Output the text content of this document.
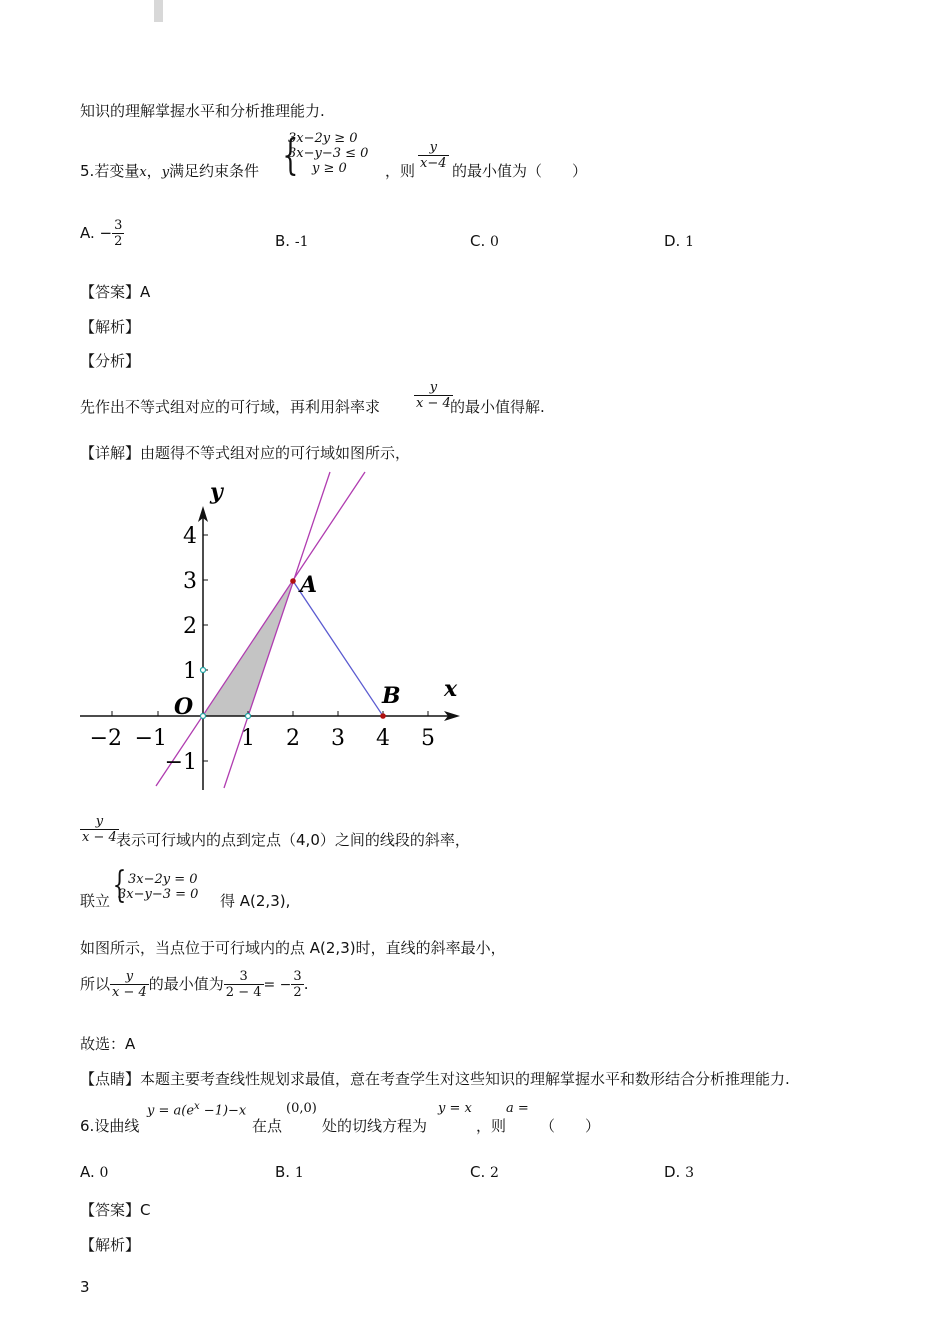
知识的理解掌握水平和分析推理能力.
5.若变量x，y满足约束条件 {
3x−2y ≥ 0
3x−y−3 ≤ 0
y ≥ 0	，则 $\frac{y}{x-4}$ 的最小值为（　　）
A. − $\frac{3}{2}$	B. -1	C. 0	D. 1
【答案】A
【解析】
【分析】
先作出不等式组对应的可行域，再利用斜率求	$\frac{y}{x - 4}$
的最小值得解.
【详解】由题得不等式组对应的可行域如图所示，
−2 −1	1 2 3 4 5
4
3
2
1
−1
y
x
O
A
B
$\frac{y}{x - 4}$
表示可行域内的点到定点（4,0）之间的线段的斜率，
联立 { 3x−2y = 0
3x−y−3 = 0 得 A(2,3),
如图所示，当点位于可行域内的点 A(2,3)时，直线的斜率最小，
所以 $\frac{y}{x - 4}$ 的最小值为 $\frac{3}{2 - 4}$ = − $\frac{3}{2}$ .
故选：A
【点睛】本题主要考查线性规划求最值，意在考查学生对这些知识的理解掌握水平和数形结合分析推理能力.
6.设曲线
$y = a(e^x -1)-x$
在点
(0,0)
处的切线方程为
y = x
，则
a =
（　　）
A. 0	B. 1	C. 2	D. 3
【答案】C
【解析】
3
